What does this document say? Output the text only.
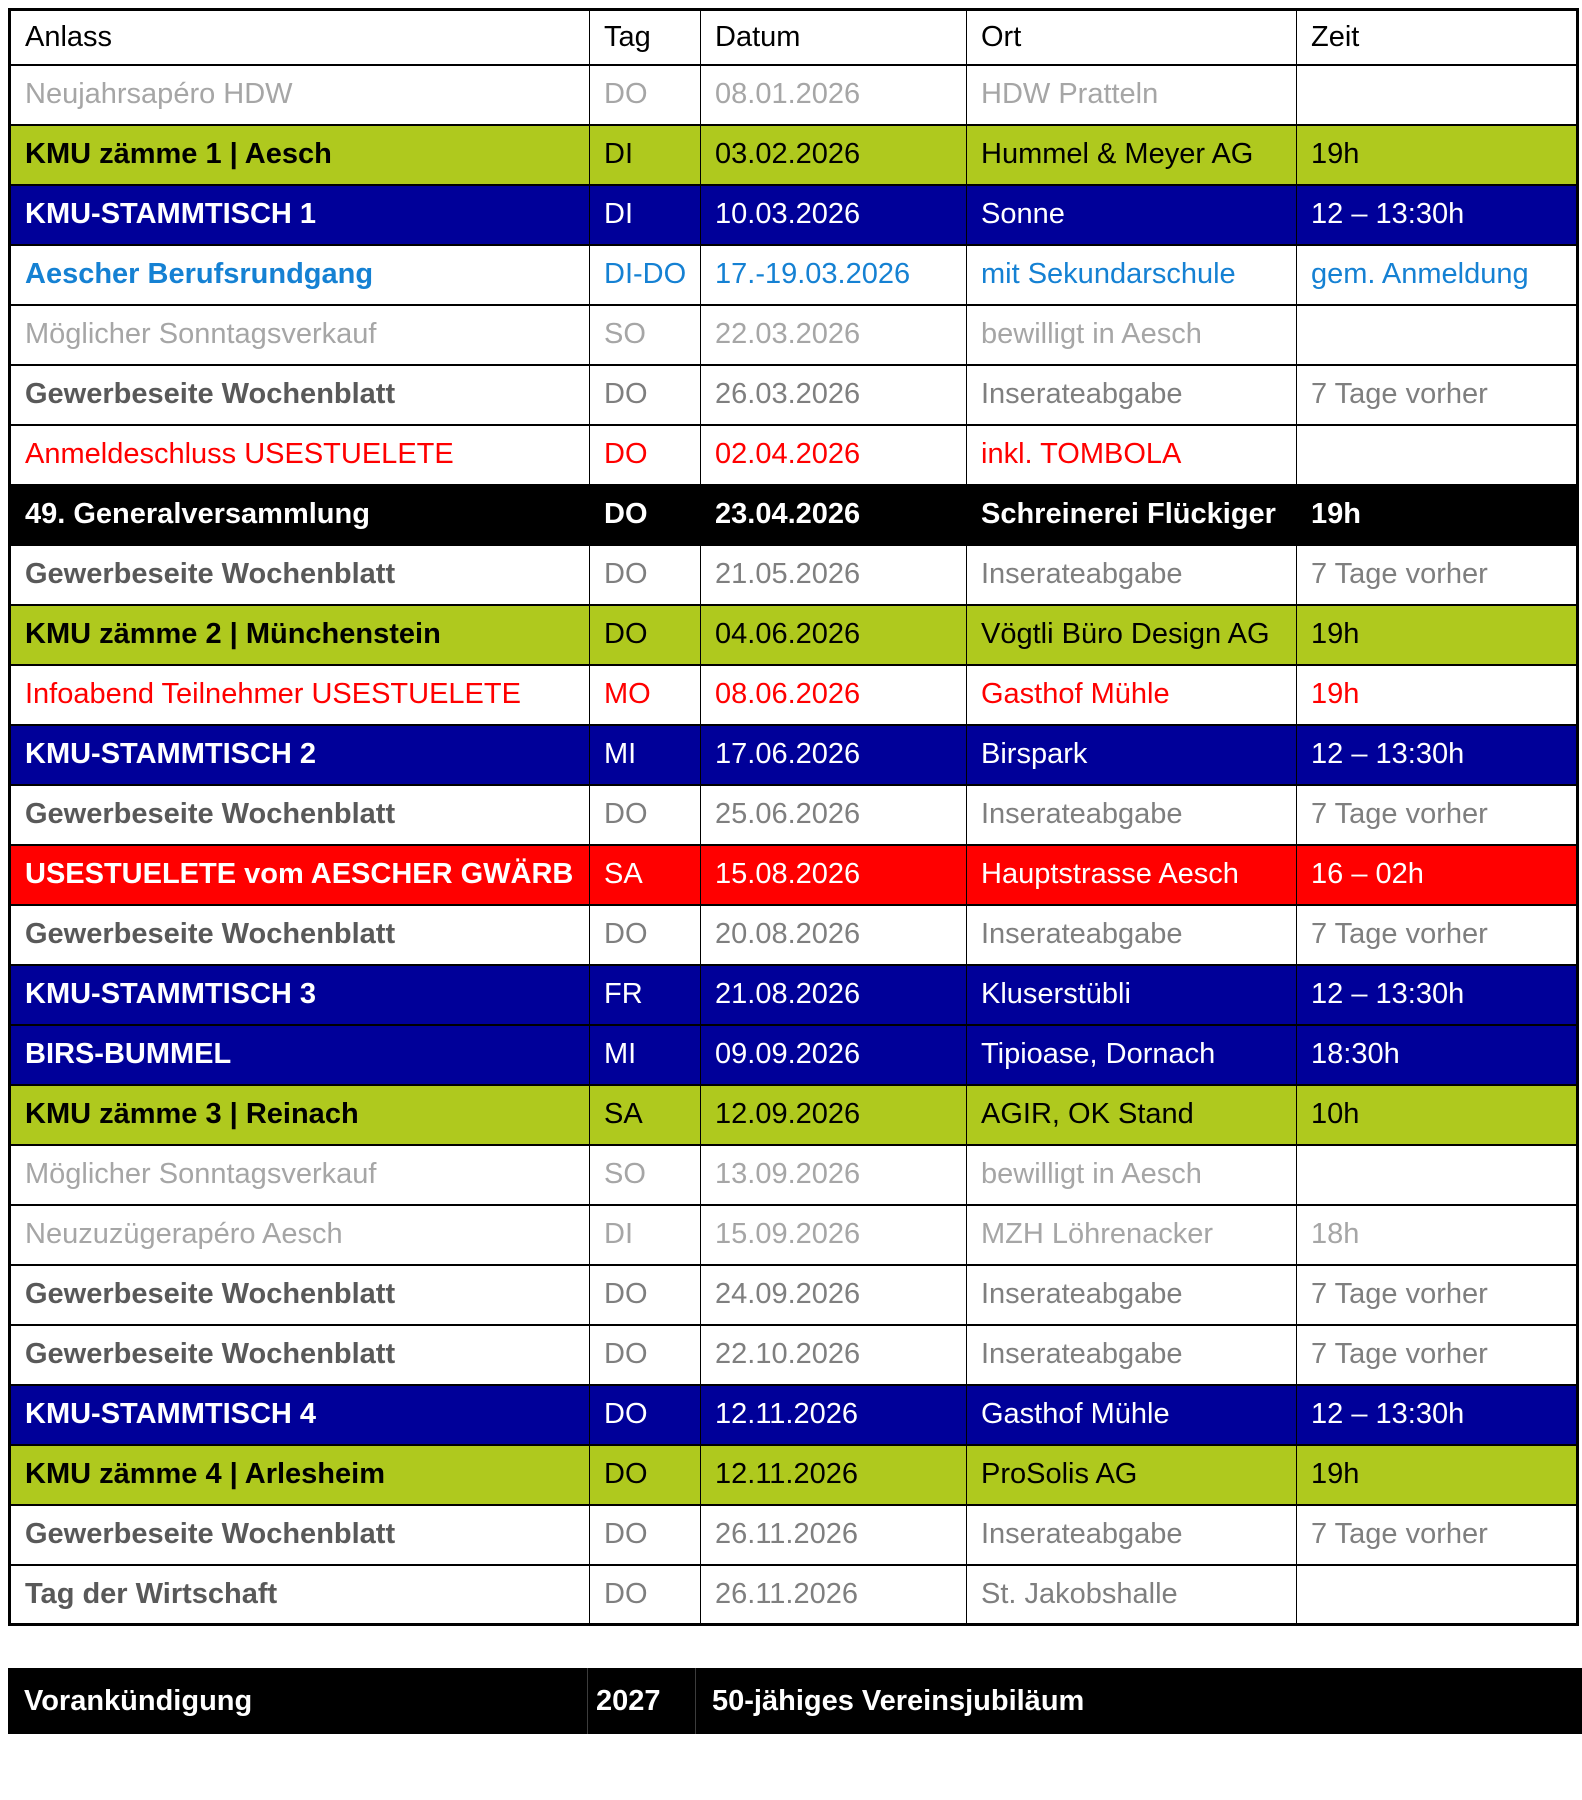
Anlass	Tag	Datum	Ort	Zeit
Neujahrsapéro HDW	DO	08.01.2026	HDW Pratteln	
KMU zämme 1 | Aesch	DI	03.02.2026	Hummel & Meyer AG	19h
KMU-STAMMTISCH 1	DI	10.03.2026	Sonne	12 – 13:30h
Aescher Berufsrundgang	DI-DO	17.-19.03.2026	mit Sekundarschule	gem. Anmeldung
Möglicher Sonntagsverkauf	SO	22.03.2026	bewilligt in Aesch	
Gewerbeseite Wochenblatt	DO	26.03.2026	Inserateabgabe	7 Tage vorher
Anmeldeschluss USESTUELETE	DO	02.04.2026	inkl. TOMBOLA	
49. Generalversammlung	DO	23.04.2026	Schreinerei Flückiger	19h
Gewerbeseite Wochenblatt	DO	21.05.2026	Inserateabgabe	7 Tage vorher
KMU zämme 2 | Münchenstein	DO	04.06.2026	Vögtli Büro Design AG	19h
Infoabend Teilnehmer USESTUELETE	MO	08.06.2026	Gasthof Mühle	19h
KMU-STAMMTISCH 2	MI	17.06.2026	Birspark	12 – 13:30h
Gewerbeseite Wochenblatt	DO	25.06.2026	Inserateabgabe	7 Tage vorher
USESTUELETE vom AESCHER GWÄRB	SA	15.08.2026	Hauptstrasse Aesch	16 – 02h
Gewerbeseite Wochenblatt	DO	20.08.2026	Inserateabgabe	7 Tage vorher
KMU-STAMMTISCH 3	FR	21.08.2026	Kluserstübli	12 – 13:30h
BIRS-BUMMEL	MI	09.09.2026	Tipioase, Dornach	18:30h
KMU zämme 3 | Reinach	SA	12.09.2026	AGIR, OK Stand	10h
Möglicher Sonntagsverkauf	SO	13.09.2026	bewilligt in Aesch	
Neuzuzügerapéro Aesch	DI	15.09.2026	MZH Löhrenacker	18h
Gewerbeseite Wochenblatt	DO	24.09.2026	Inserateabgabe	7 Tage vorher
Gewerbeseite Wochenblatt	DO	22.10.2026	Inserateabgabe	7 Tage vorher
KMU-STAMMTISCH 4	DO	12.11.2026	Gasthof Mühle	12 – 13:30h
KMU zämme 4 | Arlesheim	DO	12.11.2026	ProSolis AG	19h
Gewerbeseite Wochenblatt	DO	26.11.2026	Inserateabgabe	7 Tage vorher
Tag der Wirtschaft	DO	26.11.2026	St. Jakobshalle	
Vorankündigung	2027	50-jähiges Vereinsjubiläum
